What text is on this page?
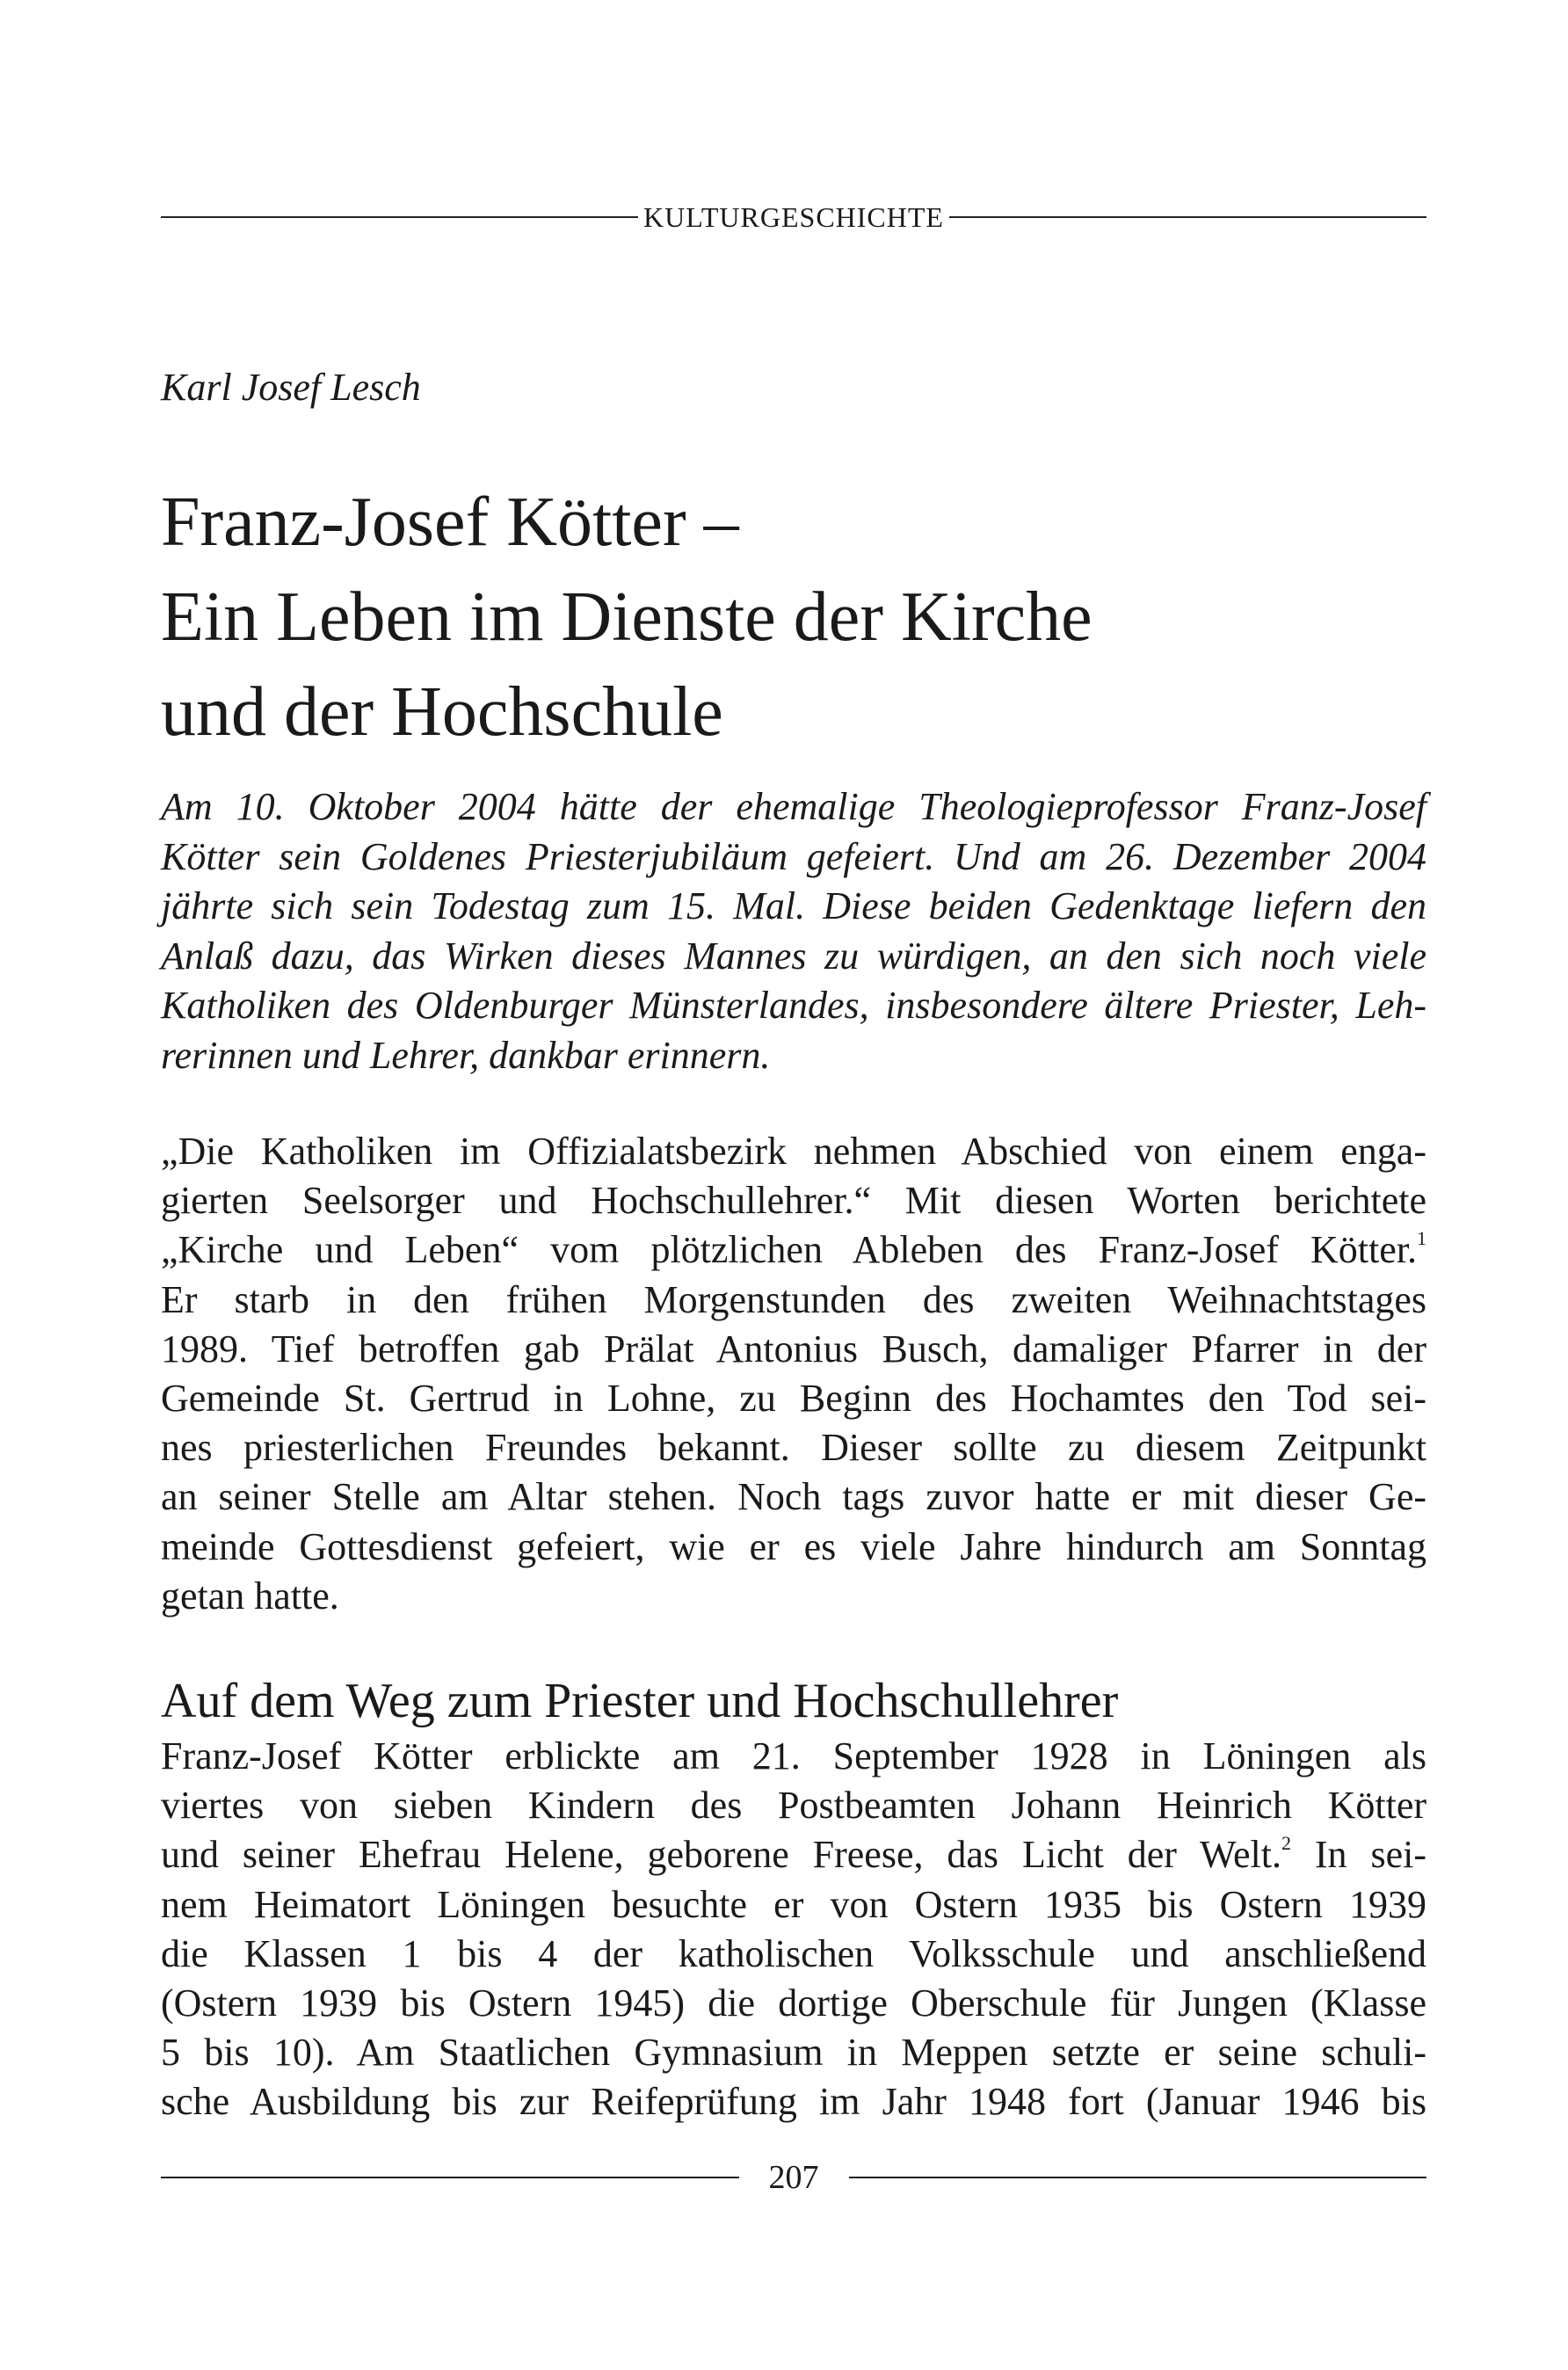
KULTURGESCHICHTE
Karl Josef Lesch
Franz-Josef Kötter –
Ein Leben im Dienste der Kirche
und der Hochschule
Am 10. Oktober 2004 hätte der ehemalige Theologieprofessor Franz-Josef
Kötter sein Goldenes Priesterjubiläum gefeiert. Und am 26. Dezember 2004
jährte sich sein Todestag zum 15. Mal. Diese beiden Gedenktage liefern den
Anlaß dazu, das Wirken dieses Mannes zu würdigen, an den sich noch viele
Katholiken des Oldenburger Münsterlandes, insbesondere ältere Priester, Leh-
rerinnen und Lehrer, dankbar erinnern.
„Die Katholiken im Offizialatsbezirk nehmen Abschied von einem enga-
gierten Seelsorger und Hochschullehrer.“ Mit diesen Worten berichtete
„Kirche und Leben“ vom plötzlichen Ableben des Franz-Josef Kötter.$^1$
Er starb in den frühen Morgenstunden des zweiten Weihnachtstages
1989. Tief betroffen gab Prälat Antonius Busch, damaliger Pfarrer in der
Gemeinde St. Gertrud in Lohne, zu Beginn des Hochamtes den Tod sei-
nes priesterlichen Freundes bekannt. Dieser sollte zu diesem Zeitpunkt
an seiner Stelle am Altar stehen. Noch tags zuvor hatte er mit dieser Ge-
meinde Gottesdienst gefeiert, wie er es viele Jahre hindurch am Sonntag
getan hatte.
Auf dem Weg zum Priester und Hochschullehrer
Franz-Josef Kötter erblickte am 21. September 1928 in Löningen als
viertes von sieben Kindern des Postbeamten Johann Heinrich Kötter
und seiner Ehefrau Helene, geborene Freese, das Licht der Welt.$^2$ In sei-
nem Heimatort Löningen besuchte er von Ostern 1935 bis Ostern 1939
die Klassen 1 bis 4 der katholischen Volksschule und anschließend
(Ostern 1939 bis Ostern 1945) die dortige Oberschule für Jungen (Klasse
5 bis 10). Am Staatlichen Gymnasium in Meppen setzte er seine schuli-
sche Ausbildung bis zur Reifeprüfung im Jahr 1948 fort (Januar 1946 bis
207
